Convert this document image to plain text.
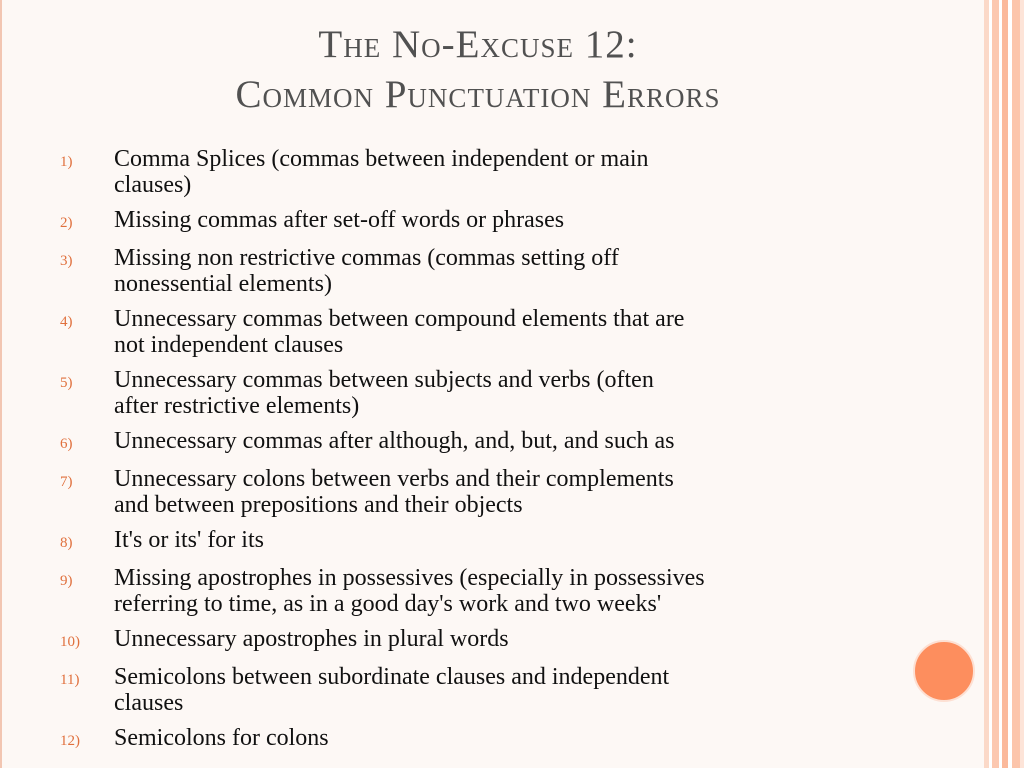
The No-Excuse 12:
Common Punctuation Errors
1)	Comma Splices (commas between independent or main
clauses)
2)	Missing commas after set-off words or phrases
3)	Missing non restrictive commas (commas setting off
nonessential elements)
4)	Unnecessary commas between compound elements that are
not independent clauses
5)	Unnecessary commas between subjects and verbs (often
after restrictive elements)
6)	Unnecessary commas after although, and, but, and such as
7)	Unnecessary colons between verbs and their complements
and between prepositions and their objects
8)	It's or its' for its
9)	Missing apostrophes in possessives (especially in possessives
referring to time, as in a good day's work and two weeks'
10)	Unnecessary apostrophes in plural words
11)	Semicolons between subordinate clauses and independent
clauses
12)	Semicolons for colons
